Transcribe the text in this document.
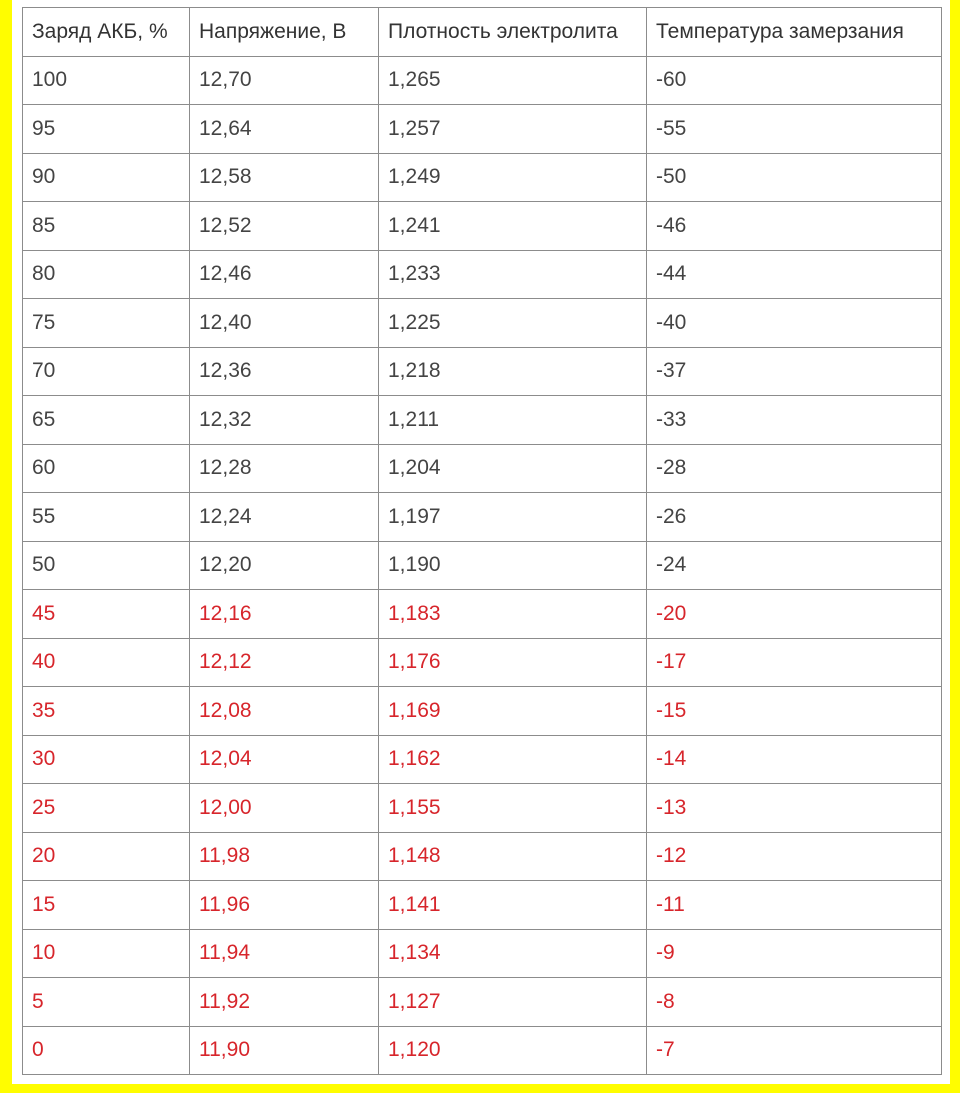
Заряд АКБ, %	Напряжение, В	Плотность электролита	Температура замерзания
100	12,70	1,265	-60
95	12,64	1,257	-55
90	12,58	1,249	-50
85	12,52	1,241	-46
80	12,46	1,233	-44
75	12,40	1,225	-40
70	12,36	1,218	-37
65	12,32	1,211	-33
60	12,28	1,204	-28
55	12,24	1,197	-26
50	12,20	1,190	-24
45	12,16	1,183	-20
40	12,12	1,176	-17
35	12,08	1,169	-15
30	12,04	1,162	-14
25	12,00	1,155	-13
20	11,98	1,148	-12
15	11,96	1,141	-11
10	11,94	1,134	-9
5	11,92	1,127	-8
0	11,90	1,120	-7
